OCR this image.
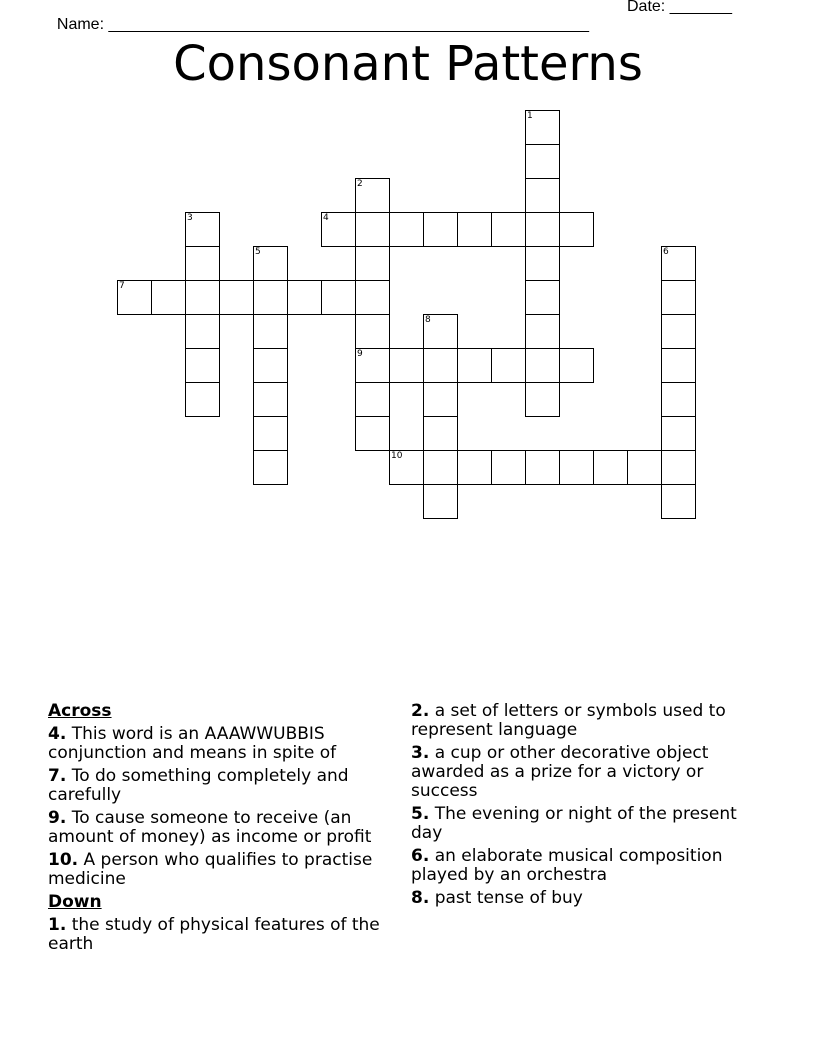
Name: ______________________________________________________

Date: _______

Consonant Patterns
1
2
9
3	4
5	6
7
8
10
Across
4. This word is an AAAWWUBBIS conjunction and means in spite of
7. To do something completely and carefully
9. To cause someone to receive (an amount of money) as income or profit
10. A person who qualifies to practise medicine
Down
1. the study of physical features of the earth
2. a set of letters or symbols used to represent language
3. a cup or other decorative object awarded as a prize for a victory or success
5. The evening or night of the present day
6. an elaborate musical composition played by an orchestra
8. past tense of buy
